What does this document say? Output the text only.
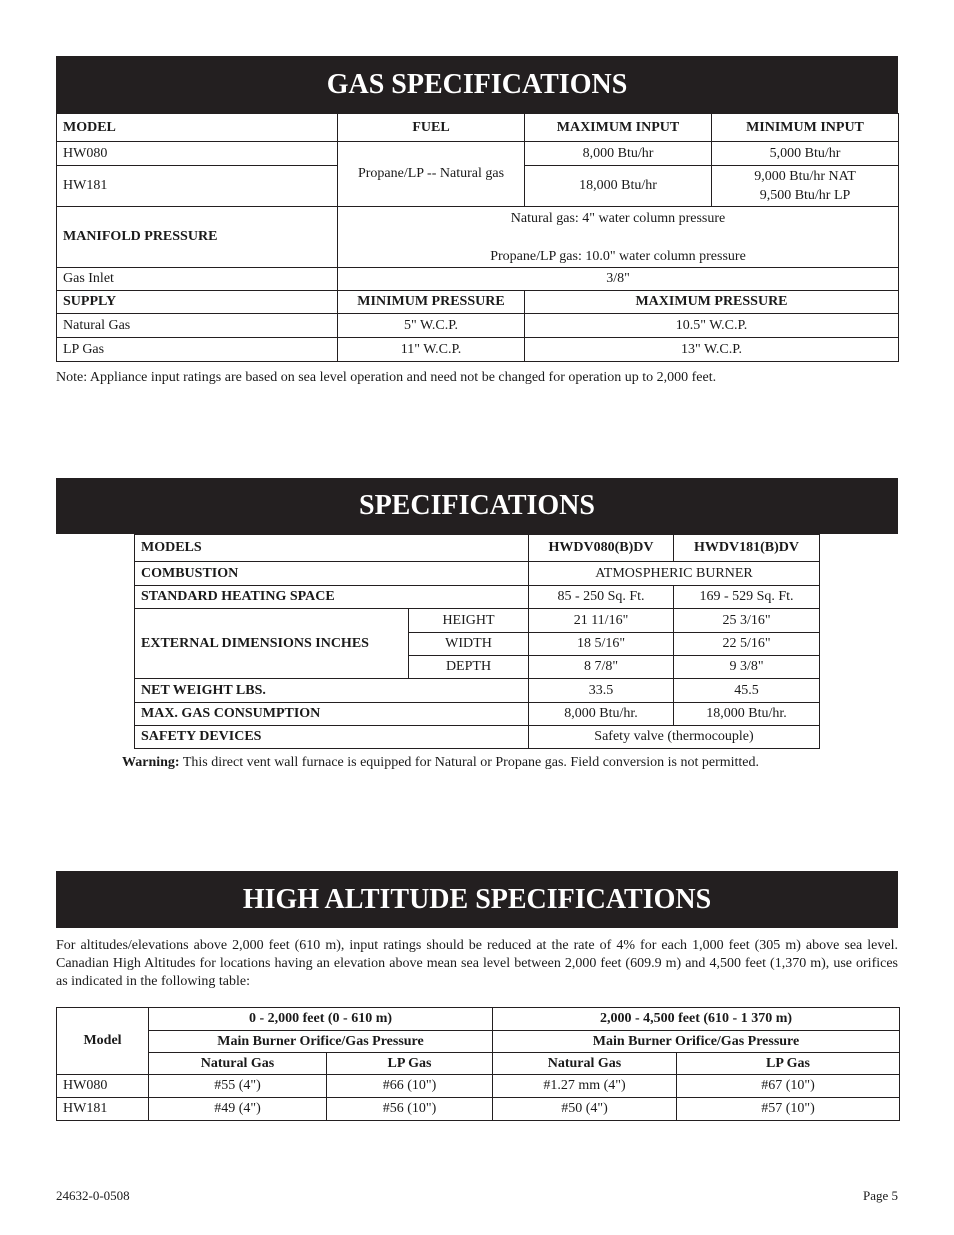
GAS SPECIFICATIONS
MODEL	FUEL	MAXIMUM INPUT	MINIMUM INPUT
HW080	Propane/LP -- Natural gas	8,000 Btu/hr	5,000 Btu/hr
HW181		18,000 Btu/hr	9,000 Btu/hr NAT
9,500 Btu/hr LP

MANIFOLD PRESSURE	Natural gas: 4" water column pressure
Propane/LP gas: 10.0" water column pressure		

Gas Inlet	3/8"		
SUPPLY	MINIMUM PRESSURE	MAXIMUM PRESSURE	
Natural Gas	5" W.C.P.	10.5" W.C.P.	
LP Gas	11" W.C.P.	13" W.C.P.	
Note: Appliance input ratings are based on sea level operation and need not be changed for operation up to 2,000 feet.
SPECIFICATIONS
MODELS		HWDV080(B)DV	HWDV181(B)DV
COMBUSTION		ATMOSPHERIC BURNER	
STANDARD HEATING SPACE		85 - 250 Sq. Ft.	169 - 529 Sq. Ft.
EXTERNAL DIMENSIONS INCHES	HEIGHT	21 11/16"	25 3/16"
	WIDTH	18 5/16"	22 5/16"
	DEPTH	8 7/8"	9 3/8"
NET WEIGHT LBS.		33.5	45.5
MAX. GAS CONSUMPTION		8,000 Btu/hr.	18,000 Btu/hr.
SAFETY DEVICES		Safety valve (thermocouple)	
Warning: This direct vent wall furnace is equipped for Natural or Propane gas. Field conversion is not permitted.
HIGH ALTITUDE SPECIFICATIONS
For altitudes/elevations above 2,000 feet (610 m), input ratings should be reduced at the rate of 4% for each 1,000 feet (305 m) above sea level. Canadian High Altitudes for locations having an elevation above mean sea level between 2,000 feet (609.9 m) and 4,500 feet (1,370 m), use orifices as indicated in the following table:
Model	0 - 2,000 feet (0 - 610 m)		2,000 - 4,500 feet (610 - 1 370 m)	
	Main Burner Orifice/Gas Pressure		Main Burner Orifice/Gas Pressure	
	Natural Gas	LP Gas	Natural Gas	LP Gas
HW080	#55 (4")	#66 (10")	#1.27 mm (4")	#67 (10")
HW181	#49 (4")	#56 (10")	#50 (4")	#57 (10")
24632-0-0508	Page 5
